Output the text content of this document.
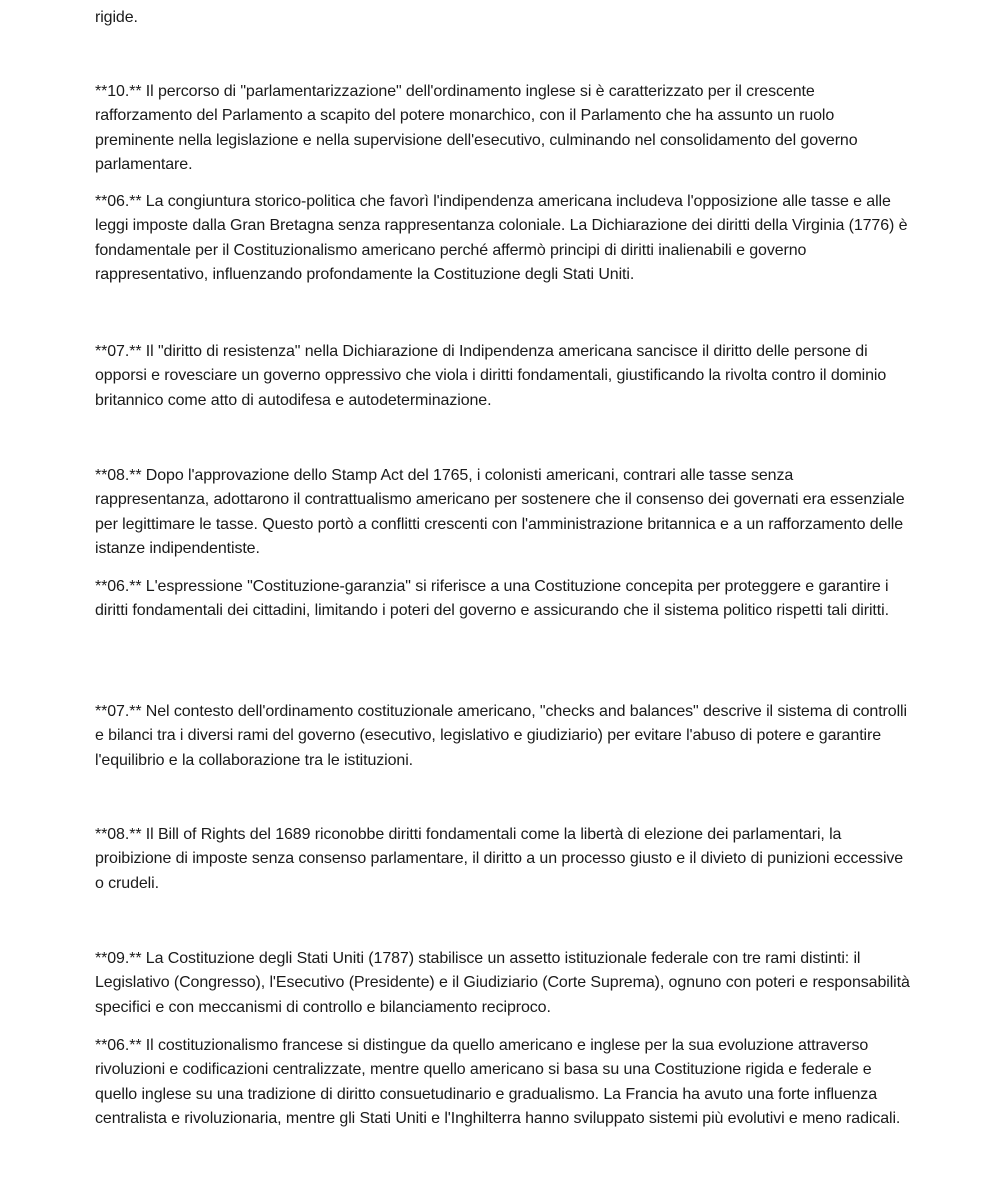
rigide.

**10.** Il percorso di "parlamentarizzazione" dell'ordinamento inglese si è caratterizzato per il crescente rafforzamento del Parlamento a scapito del potere monarchico, con il Parlamento che ha assunto un ruolo preminente nella legislazione e nella supervisione dell'esecutivo, culminando nel consolidamento del governo parlamentare.

**06.** La congiuntura storico-politica che favorì l'indipendenza americana includeva l'opposizione alle tasse e alle leggi imposte dalla Gran Bretagna senza rappresentanza coloniale. La Dichiarazione dei diritti della Virginia (1776) è fondamentale per il Costituzionalismo americano perché affermò principi di diritti inalienabili e governo rappresentativo, influenzando profondamente la Costituzione degli Stati Uniti.

**07.** Il "diritto di resistenza" nella Dichiarazione di Indipendenza americana sancisce il diritto delle persone di opporsi e rovesciare un governo oppressivo che viola i diritti fondamentali, giustificando la rivolta contro il dominio britannico come atto di autodifesa e autodeterminazione.

**08.** Dopo l'approvazione dello Stamp Act del 1765, i colonisti americani, contrari alle tasse senza rappresentanza, adottarono il contrattualismo americano per sostenere che il consenso dei governati era essenziale per legittimare le tasse. Questo portò a conflitti crescenti con l'amministrazione britannica e a un rafforzamento delle istanze indipendentiste.

**06.** L'espressione "Costituzione-garanzia" si riferisce a una Costituzione concepita per proteggere e garantire i diritti fondamentali dei cittadini, limitando i poteri del governo e assicurando che il sistema politico rispetti tali diritti.

**07.** Nel contesto dell'ordinamento costituzionale americano, "checks and balances" descrive il sistema di controlli e bilanci tra i diversi rami del governo (esecutivo, legislativo e giudiziario) per evitare l'abuso di potere e garantire l'equilibrio e la collaborazione tra le istituzioni.

**08.** Il Bill of Rights del 1689 riconobbe diritti fondamentali come la libertà di elezione dei parlamentari, la proibizione di imposte senza consenso parlamentare, il diritto a un processo giusto e il divieto di punizioni eccessive o crudeli.

**09.** La Costituzione degli Stati Uniti (1787) stabilisce un assetto istituzionale federale con tre rami distinti: il Legislativo (Congresso), l'Esecutivo (Presidente) e il Giudiziario (Corte Suprema), ognuno con poteri e responsabilità specifici e con meccanismi di controllo e bilanciamento reciproco.

**06.** Il costituzionalismo francese si distingue da quello americano e inglese per la sua evoluzione attraverso rivoluzioni e codificazioni centralizzate, mentre quello americano si basa su una Costituzione rigida e federale e quello inglese su una tradizione di diritto consuetudinario e gradualismo. La Francia ha avuto una forte influenza centralista e rivoluzionaria, mentre gli Stati Uniti e l'Inghilterra hanno sviluppato sistemi più evolutivi e meno radicali.
